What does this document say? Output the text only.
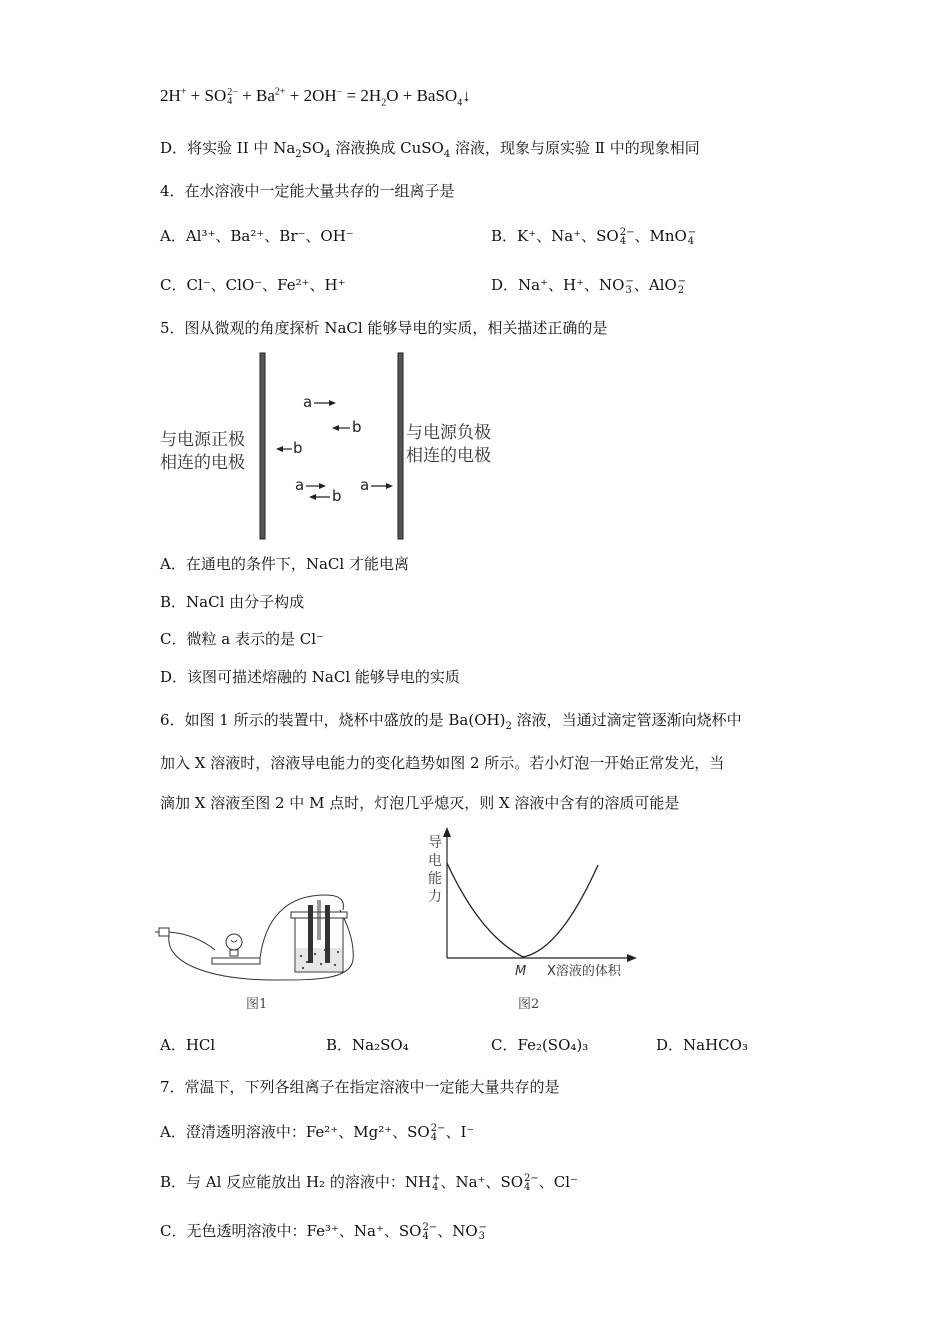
2H+ + SO 2−
$4 + Ba^{2+} + 2OH^- = 2H_2O$ + BaSO$_4$↓
D．将实验 II 中 $Na_2SO_4$ 溶液换成 CuSO$_4$ 溶液，现象与原实验 Ⅱ 中的现象相同
4．在水溶液中一定能大量共存的一组离子是
A．Al³⁺、Ba²⁺、Br⁻、OH⁻	B．K⁺、Na⁺、SO 2−
4 、MnO −
4
C．Cl⁻、ClO⁻、Fe²⁺、H⁺	D．Na⁺、H⁺、NO −
3 、AlO −
2
5．图从微观的角度探析 NaCl 能够导电的实质，相关描述正确的是
与电源正极
相连的电极
与电源负极
相连的电极
a
b
b
a
b
a
A．在通电的条件下，NaCl 才能电离
B．NaCl 由分子构成
C．微粒 a 表示的是 Cl⁻
D．该图可描述熔融的 NaCl 能够导电的实质
6．如图 1 所示的装置中，烧杯中盛放的是 $Ba(OH)_2$ 溶液，当通过滴定管逐渐向烧杯中
加入 X 溶液时，溶液导电能力的变化趋势如图 2 所示。若小灯泡一开始正常发光，当
滴加 X 溶液至图 2 中 M 点时，灯泡几乎熄灭，则 X 溶液中含有的溶质可能是
图1
导
电
能
力
M X溶液的体积
图2
A．HCl	B．Na₂SO₄	C．Fe₂(SO₄)₃	D．NaHCO₃
7．常温下，下列各组离子在指定溶液中一定能大量共存的是
A．澄清透明溶液中：Fe²⁺、Mg²⁺、SO 2−
4 、I⁻
B．与 Al 反应能放出 H₂ 的溶液中：NH +
4 、Na⁺、SO 2−
4 、Cl⁻
C．无色透明溶液中：Fe³⁺、Na⁺、SO 2−
4 、NO −
3
